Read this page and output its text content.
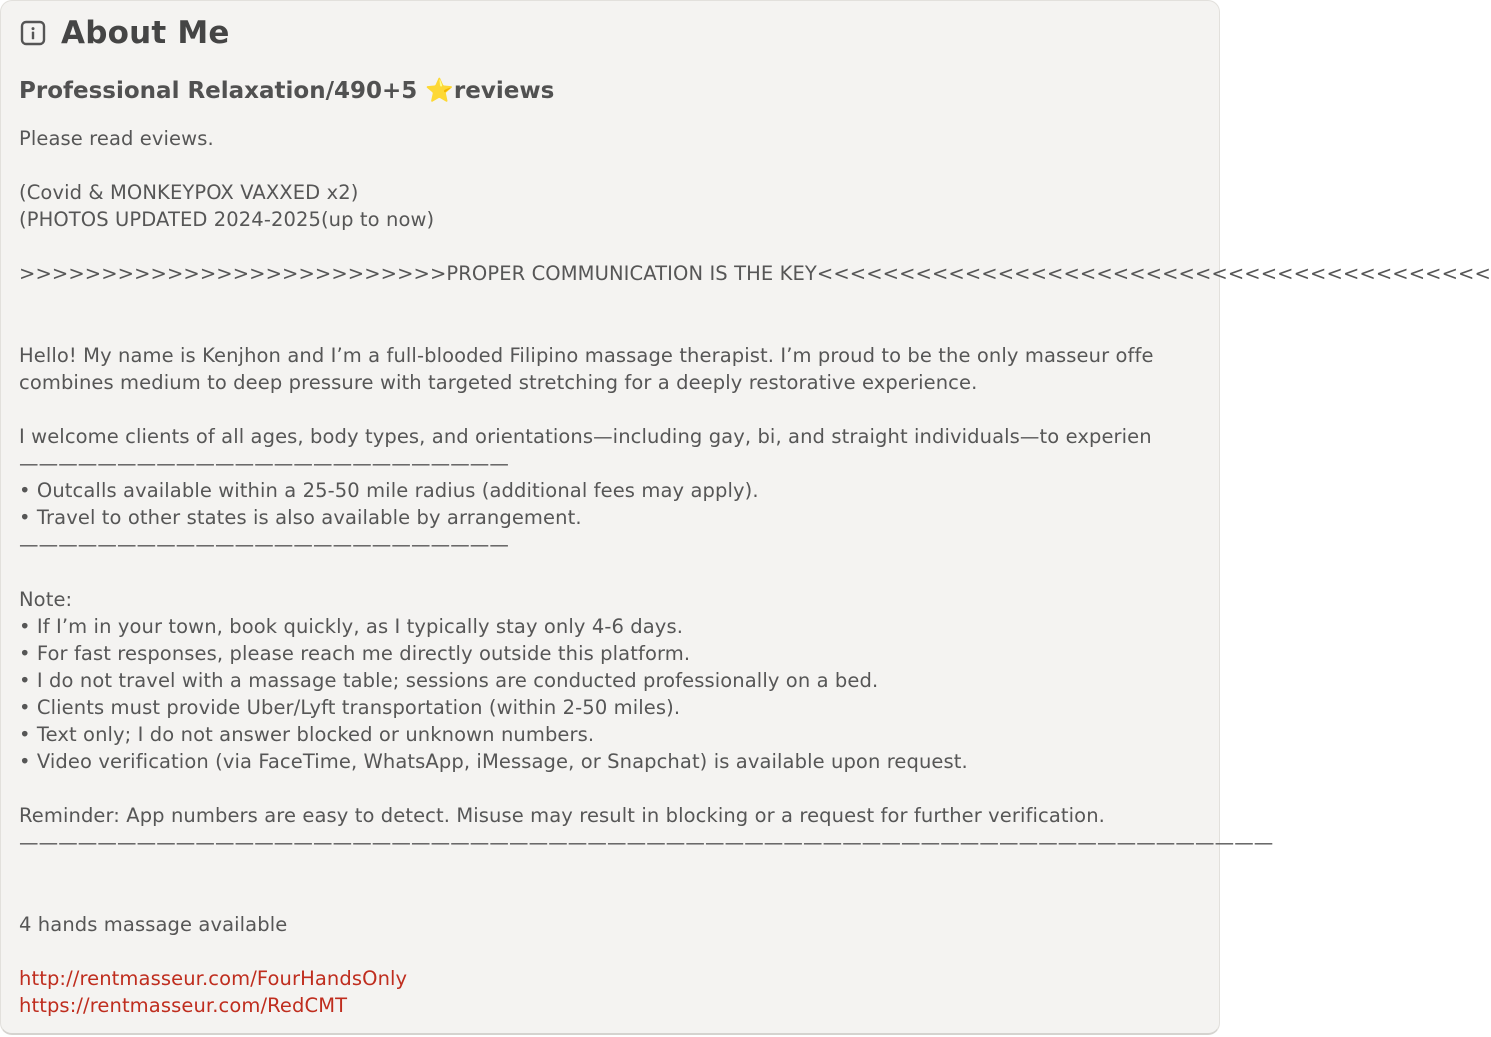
About Me
Professional Relaxation/490+5 ⭐reviews
Please read eviews.
(Covid & MONKEYPOX VAXXED x2)
(PHOTOS UPDATED 2024-2025(up to now)
>>>>>>>>>>>>>>>>>>>>>>>>>>PROPER COMMUNICATION IS THE KEY<<<<<<<<<<<<<<<<<<<<<<<<<<<<<<<<<<<<<<<<<
Hello! My name is Kenjhon and I’m a full-blooded Filipino massage therapist. I’m proud to be the only masseur offe
combines medium to deep pressure with targeted stretching for a deeply restorative experience.
I welcome clients of all ages, body types, and orientations—including gay, bi, and straight individuals—to experien
—————————————————————————
• Outcalls available within a 25-50 mile radius (additional fees may apply).
• Travel to other states is also available by arrangement.
—————————————————————————
Note:
• If I’m in your town, book quickly, as I typically stay only 4-6 days.
• For fast responses, please reach me directly outside this platform.
• I do not travel with a massage table; sessions are conducted professionally on a bed.
• Clients must provide Uber/Lyft transportation (within 2-50 miles).
• Text only; I do not answer blocked or unknown numbers.
• Video verification (via FaceTime, WhatsApp, iMessage, or Snapchat) is available upon request.
Reminder: App numbers are easy to detect. Misuse may result in blocking or a request for further verification.
————————————————————————————————————————————————————————————————
4 hands massage available
http://rentmasseur.com/FourHandsOnly
https://rentmasseur.com/RedCMT
